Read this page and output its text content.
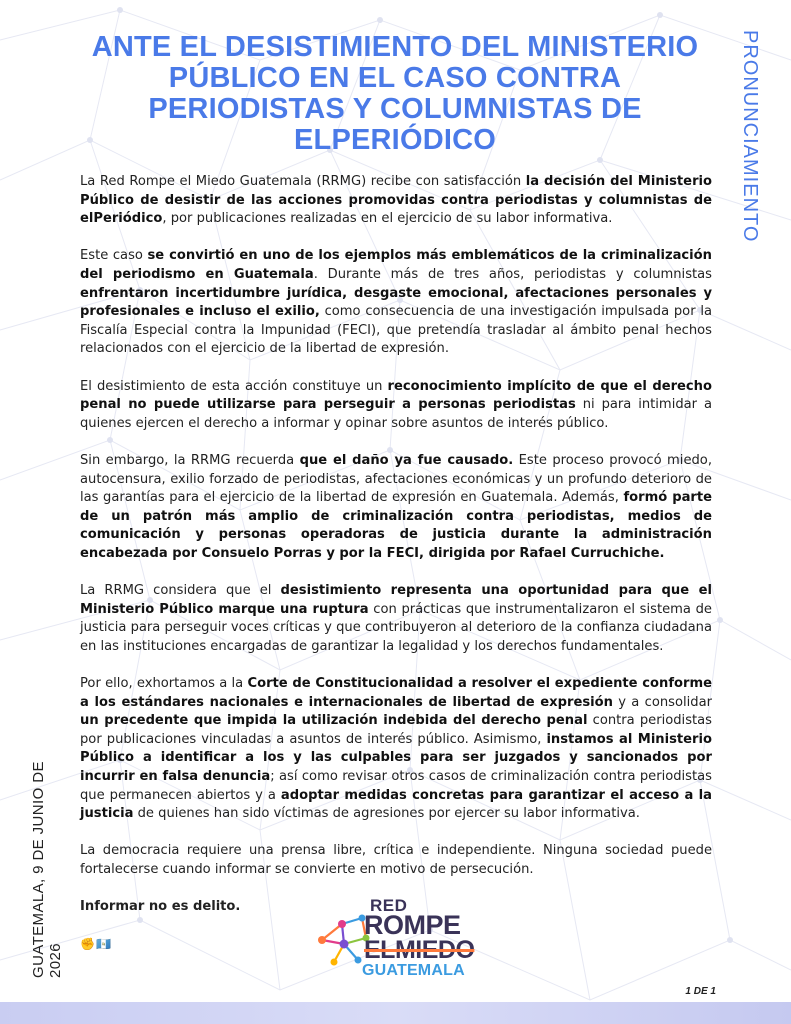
ANTE EL DESISTIMIENTO DEL MINISTERIO PÚBLICO EN EL CASO CONTRA PERIODISTAS Y COLUMNISTAS DE ELPERIÓDICO	PRONUNCIAMIENTO
GUATEMALA, 9 DE JUNIO DE 2026

La Red Rompe el Miedo Guatemala (RRMG) recibe con satisfacción la decisión del Ministerio Público de desistir de las acciones promovidas contra periodistas y columnistas de elPeriódico, por publicaciones realizadas en el ejercicio de su labor informativa.

Este caso se convirtió en uno de los ejemplos más emblemáticos de la criminalización del periodismo en Guatemala. Durante más de tres años, periodistas y columnistas enfrentaron incertidumbre jurídica, desgaste emocional, afectaciones personales y profesionales e incluso el exilio, como consecuencia de una investigación impulsada por la Fiscalía Especial contra la Impunidad (FECI), que pretendía trasladar al ámbito penal hechos relacionados con el ejercicio de la libertad de expresión.

El desistimiento de esta acción constituye un reconocimiento implícito de que el derecho penal no puede utilizarse para perseguir a personas periodistas ni para intimidar a quienes ejercen el derecho a informar y opinar sobre asuntos de interés público.

Sin embargo, la RRMG recuerda que el daño ya fue causado. Este proceso provocó miedo, autocensura, exilio forzado de periodistas, afectaciones económicas y un profundo deterioro de las garantías para el ejercicio de la libertad de expresión en Guatemala. Además, formó parte de un patrón más amplio de criminalización contra periodistas, medios de comunicación y personas operadoras de justicia durante la administración encabezada por Consuelo Porras y por la FECI, dirigida por Rafael Curruchiche.

La RRMG considera que el desistimiento representa una oportunidad para que el Ministerio Público marque una ruptura con prácticas que instrumentalizaron el sistema de justicia para perseguir voces críticas y que contribuyeron al deterioro de la confianza ciudadana en las instituciones encargadas de garantizar la legalidad y los derechos fundamentales.

Por ello, exhortamos a la Corte de Constitucionalidad a resolver el expediente conforme a los estándares nacionales e internacionales de libertad de expresión y a consolidar un precedente que impida la utilización indebida del derecho penal contra periodistas por publicaciones vinculadas a asuntos de interés público. Asimismo, instamos al Ministerio Público a identificar a los y las culpables para ser juzgados y sancionados por incurrir en falsa denuncia; así como revisar otros casos de criminalización contra periodistas que permanecen abiertos y a adoptar medidas concretas para garantizar el acceso a la justicia de quienes han sido víctimas de agresiones por ejercer su labor informativa.

La democracia requiere una prensa libre, crítica e independiente. Ninguna sociedad puede fortalecerse cuando informar se convierte en motivo de persecución.

Informar no es delito.

✊🇬🇹
RED
ROMPE
ELMIEDO
GUATEMALA
1 DE 1
